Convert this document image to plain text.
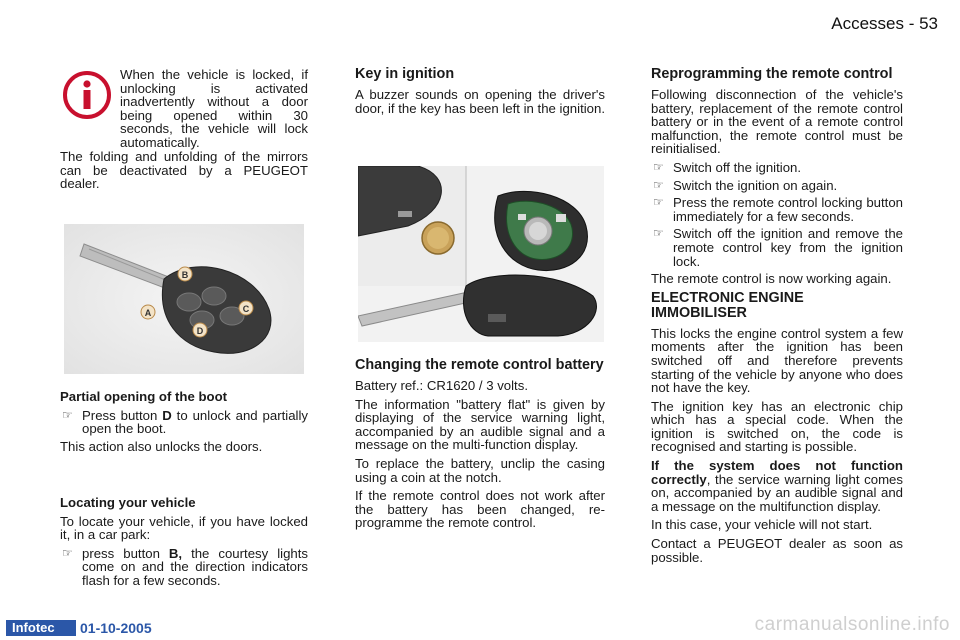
Accesses - 53
When the vehicle is locked, if unlocking is activated inadvertently without a door being opened within 30 seconds, the vehicle will lock automatically.

The folding and unfolding of the mirrors can be deactivated by a PEUGEOT dealer.

A
B
C
D
Partial opening of the boot
☞ Press button D to unlock and partially open the boot.

This action also unlocks the doors.

Locating your vehicle

To locate your vehicle, if you have locked it, in a car park:

☞ press button B, the courtesy lights come on and the direction indicators flash for a few seconds.
Key in ignition

A buzzer sounds on opening the driver's door, if the key has been left in the ignition.

Changing the remote control battery

Battery ref.: CR1620 / 3 volts.

The information "battery flat" is given by displaying of the service warning light, accompanied by an audible signal and a message on the multi-function display.

To replace the battery, unclip the casing using a coin at the notch.

If the remote control does not work after the battery has been changed, re-programme the remote control.

Reprogramming the remote control

Following disconnection of the vehicle's battery, replacement of the remote control battery or in the event of a remote control malfunction, the remote control must be reinitialised.

☞ Switch off the ignition.
☞ Switch the ignition on again.
☞ Press the remote control locking button immediately for a few seconds.
☞ Switch off the ignition and remove the remote control key from the ignition lock.

The remote control is now working again.

ELECTRONIC ENGINE IMMOBILISER

This locks the engine control system a few moments after the ignition has been switched off and therefore prevents starting of the vehicle by anyone who does not have the key.

The ignition key has an electronic chip which has a special code. When the ignition is switched on, the code is recognised and starting is possible.

If the system does not function correctly, the service warning light comes on, accompanied by an audible signal and a message on the multifunction display.

In this case, your vehicle will not start.

Contact a PEUGEOT dealer as soon as possible.

Infotec	01-10-2005	carmanualsonline.info
